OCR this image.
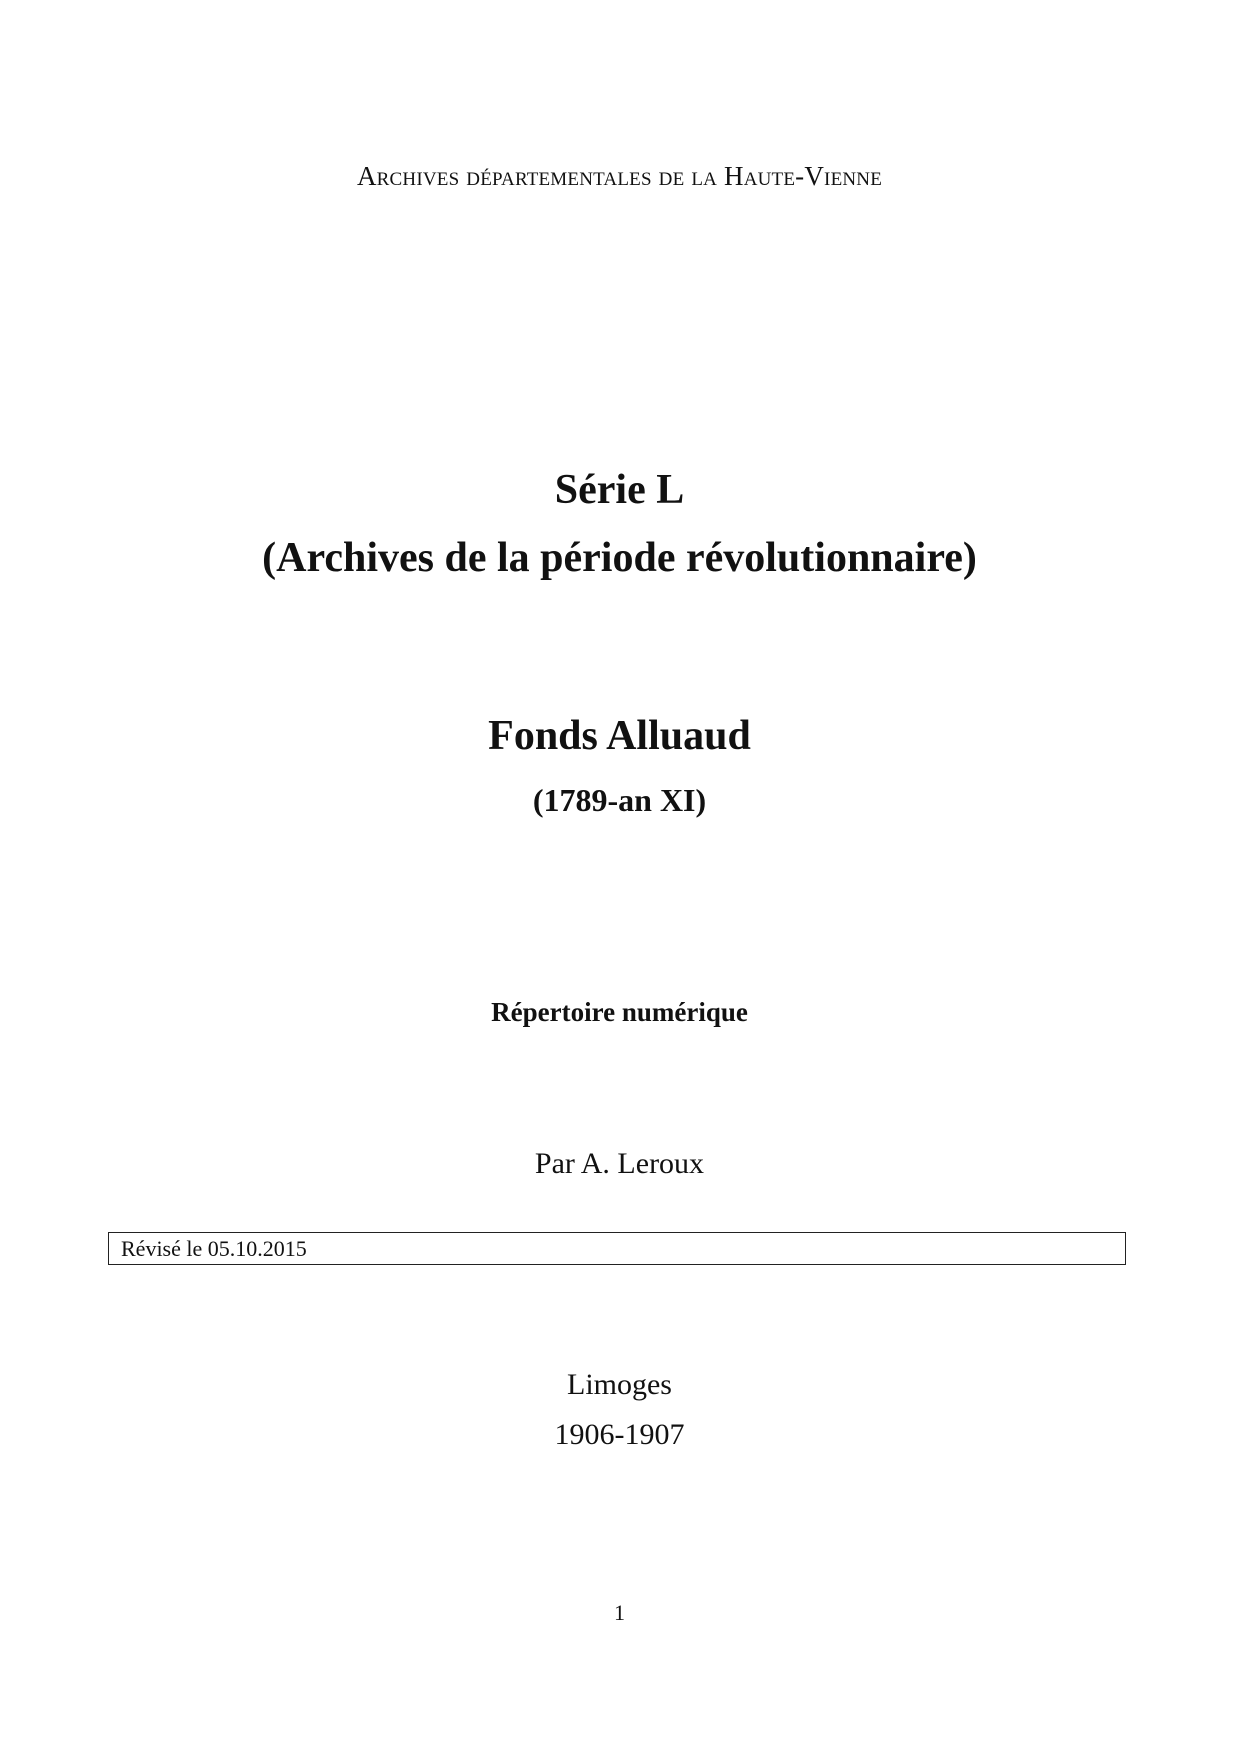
Archives départementales de la Haute-Vienne
Série L
(Archives de la période révolutionnaire)
Fonds Alluaud
(1789-an XI)
Répertoire numérique
Par A. Leroux
Révisé le 05.10.2015
Limoges
1906-1907
1
